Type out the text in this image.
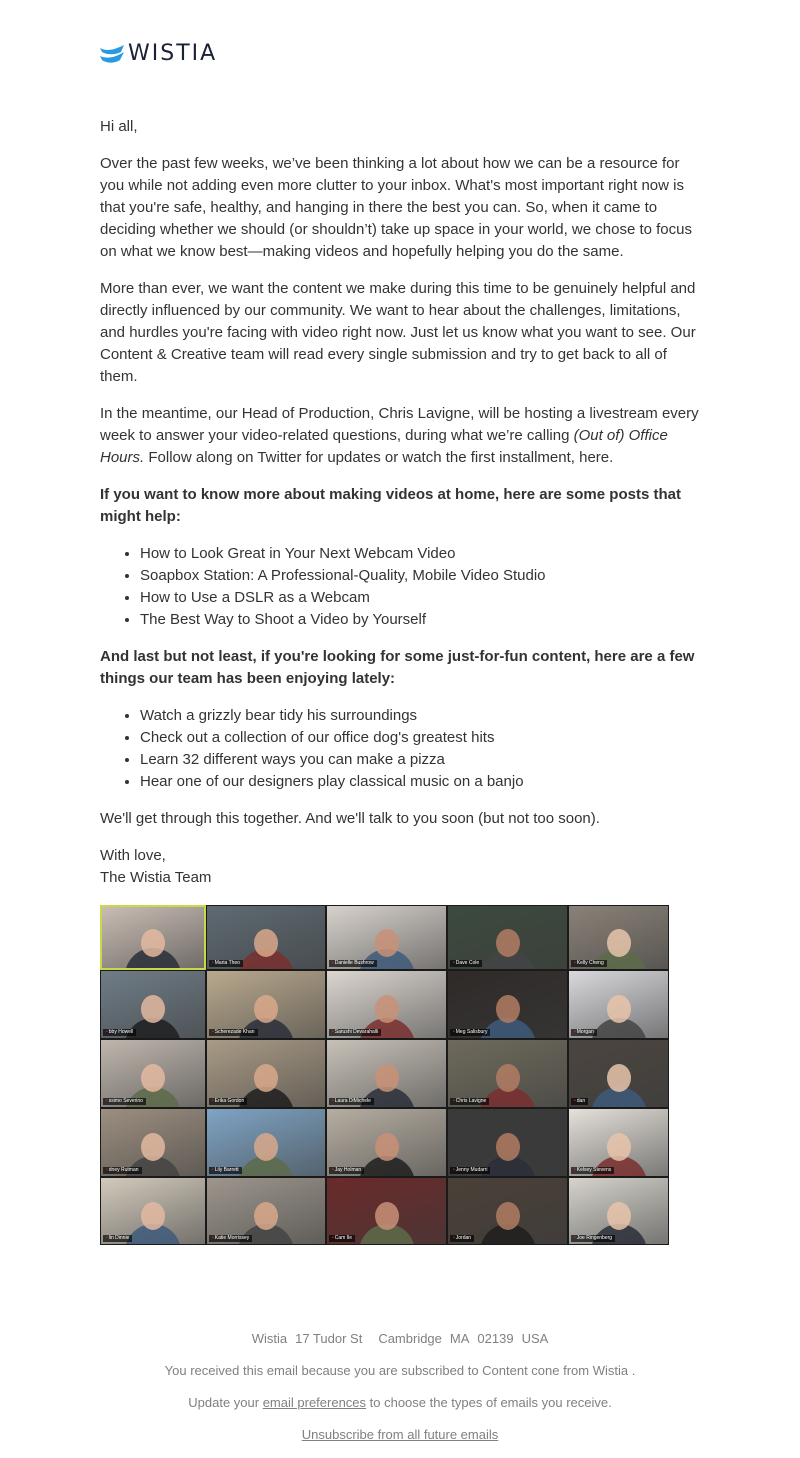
WISTIA

Hi all,

Over the past few weeks, we’ve been thinking a lot about how we can be a resource for you while not adding even more clutter to your inbox. What's most important right now is that you're safe, healthy, and hanging in there the best you can. So, when it came to deciding whether we should (or shouldn’t) take up space in your world, we chose to focus on what we know best—making videos and hopefully helping you do the same.

More than ever, we want the content we make during this time to be genuinely helpful and directly influenced by our community. We want to hear about the challenges, limitations, and hurdles you're facing with video right now. Just let us know what you want to see. Our Content & Creative team will read every single submission and try to get back to all of them.

In the meantime, our Head of Production, Chris Lavigne, will be hosting a livestream every week to answer your video-related questions, during what we’re calling (Out of) Office Hours. Follow along on Twitter for updates or watch the first installment, here.

If you want to know more about making videos at home, here are some posts that might help:

• How to Look Great in Your Next Webcam Video
• Soapbox Station: A Professional-Quality, Mobile Video Studio
• How to Use a DSLR as a Webcam
• The Best Way to Shoot a Video by Yourself

And last but not least, if you're looking for some just-for-fun content, here are a few things our team has been enjoying lately:

• Watch a grizzly bear tidy his surroundings
• Check out a collection of our office dog's greatest hits
• Learn 32 different ways you can make a pizza
• Hear one of our designers play classical music on a banjo

We'll get through this together. And we'll talk to you soon (but not too soon).

With love,
The Wistia Team

•Maria Theo	•Danielle Bushrow	•Dave Cole	•Kelly Cheng
•bby Howell	•Scherezade Khan	•Sarushi Devarahalli	•Meg Salisbury	•Morgan
•ssimo Severino	•Erika Gordon	•Laura DiMichele	•Chris Lavigne	•dan
•dney Rutman	•Lily Barrett	•Jay Holman	•Jenny Mudarri	•Kelsey Stevens
•lin Dinnie	•Katie Morrissey	•Cam Ile	•Jordan	•Joe Ringenberg
Wistia 17 Tudor St Cambridge MA 02139 USA
You received this email because you are subscribed to Content cone from Wistia .
Update your email preferences to choose the types of emails you receive.
Unsubscribe from all future emails
